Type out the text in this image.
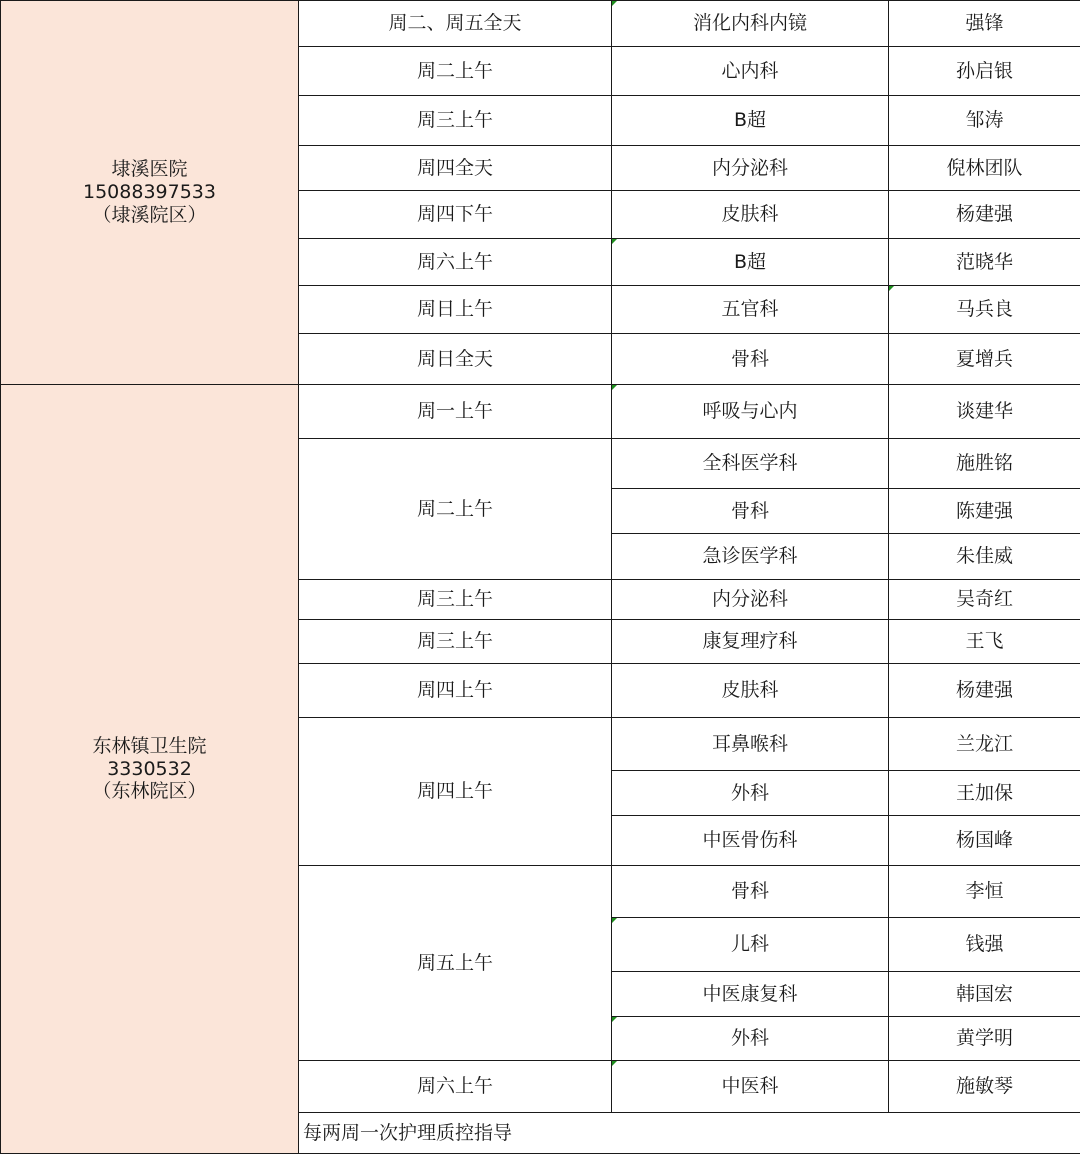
埭溪医院
15088397533
（埭溪院区）	周二、周五全天	消化内科内镜	强锋
	周二上午	心内科	孙启银
	周三上午	B超	邹涛
	周四全天	内分泌科	倪林团队
	周四下午	皮肤科	杨建强
	周六上午	B超	范晓华
	周日上午	五官科	马兵良
	周日全天	骨科	夏增兵

东林镇卫生院
3330532
（东林院区）	周一上午	呼吸与心内	谈建华
	周二上午	全科医学科	施胜铭
		骨科	陈建强
		急诊医学科	朱佳威
	周三上午	内分泌科	吴奇红
	周三上午	康复理疗科	王飞
	周四上午	皮肤科	杨建强
	周四上午	耳鼻喉科	兰龙江
		外科	王加保
		中医骨伤科	杨国峰
	周五上午	骨科	李恒
		儿科	钱强
		中医康复科	韩国宏
		外科	黄学明
	周六上午	中医科	施敏琴
	每两周一次护理质控指导		
